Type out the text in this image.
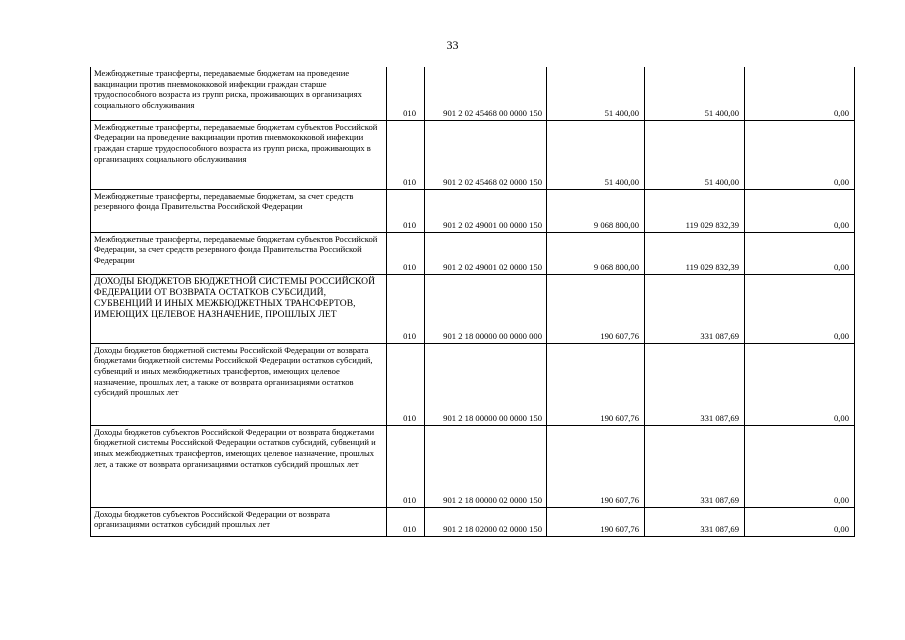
33
Межбюджетные трансферты, передаваемые бюджетам на проведение вакцинации против пневмококковой инфекции граждан старше трудоспособного возраста из групп риска, проживающих в организациях социального обслуживания	010	901 2 02 45468 00 0000 150	51 400,00	51 400,00	0,00
Межбюджетные трансферты, передаваемые бюджетам субъектов Российской Федерации на проведение вакцинации против пневмококковой инфекции граждан старше трудоспособного возраста из групп риска, проживающих в организациях социального обслуживания	010	901 2 02 45468 02 0000 150	51 400,00	51 400,00	0,00
Межбюджетные трансферты, передаваемые бюджетам, за счет средств резервного фонда Правительства Российской Федерации	010	901 2 02 49001 00 0000 150	9 068 800,00	119 029 832,39	0,00
Межбюджетные трансферты, передаваемые бюджетам субъектов Российской Федерации, за счет средств резервного фонда Правительства Российской Федерации	010	901 2 02 49001 02 0000 150	9 068 800,00	119 029 832,39	0,00
ДОХОДЫ БЮДЖЕТОВ БЮДЖЕТНОЙ СИСТЕМЫ РОССИЙСКОЙ ФЕДЕРАЦИИ ОТ ВОЗВРАТА ОСТАТКОВ СУБСИДИЙ, СУБВЕНЦИЙ И ИНЫХ МЕЖБЮДЖЕТНЫХ ТРАНСФЕРТОВ, ИМЕЮЩИХ ЦЕЛЕВОЕ НАЗНАЧЕНИЕ, ПРОШЛЫХ ЛЕТ	010	901 2 18 00000 00 0000 000	190 607,76	331 087,69	0,00
Доходы бюджетов бюджетной системы Российской Федерации от возврата бюджетами бюджетной системы Российской Федерации остатков субсидий, субвенций и иных межбюджетных трансфертов, имеющих целевое назначение, прошлых лет, а также от возврата организациями остатков субсидий прошлых лет	010	901 2 18 00000 00 0000 150	190 607,76	331 087,69	0,00
Доходы бюджетов субъектов Российской Федерации от возврата бюджетами бюджетной системы Российской Федерации остатков субсидий, субвенций и иных межбюджетных трансфертов, имеющих целевое назначение, прошлых лет, а также от возврата организациями остатков субсидий прошлых лет	010	901 2 18 00000 02 0000 150	190 607,76	331 087,69	0,00
Доходы бюджетов субъектов Российской Федерации от возврата организациями остатков субсидий прошлых лет	010	901 2 18 02000 02 0000 150	190 607,76	331 087,69	0,00
